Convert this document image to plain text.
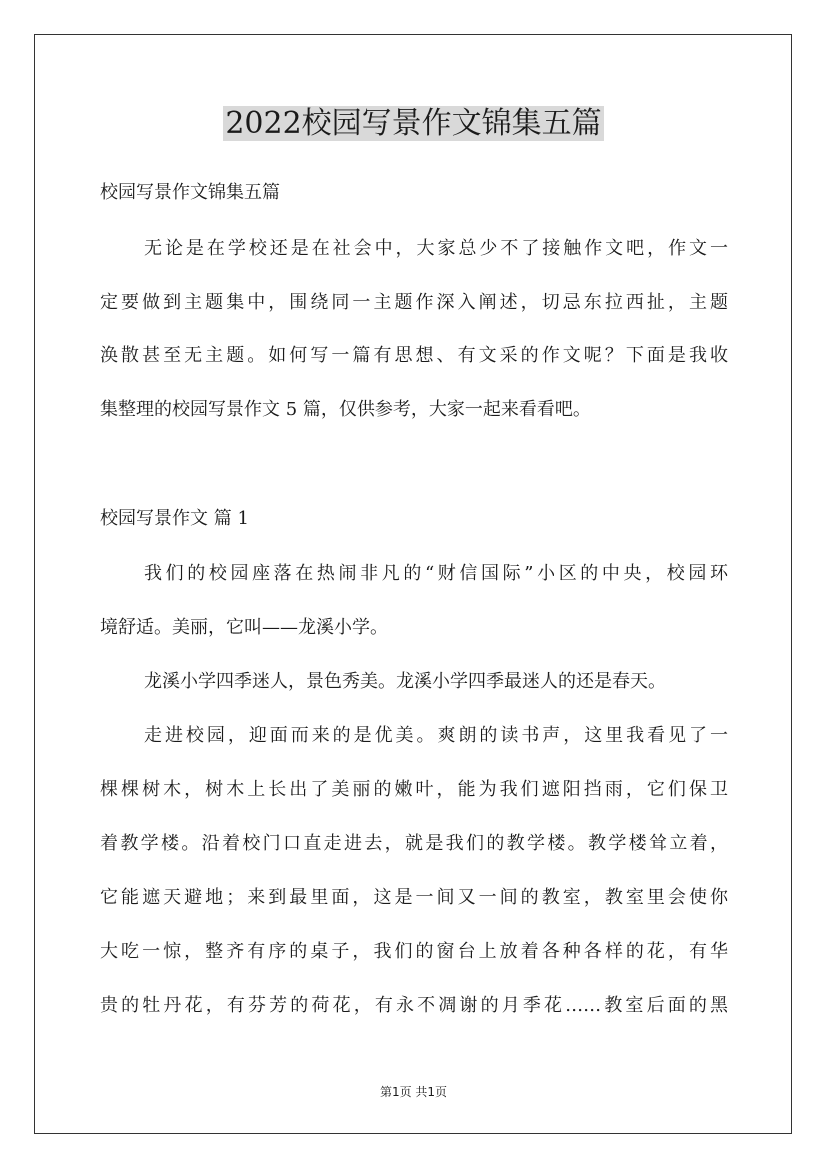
2022校园写景作文锦集五篇

校园写景作文锦集五篇

无论是在学校还是在社会中，大家总少不了接触作文吧，作文一

定要做到主题集中，围绕同一主题作深入阐述，切忌东拉西扯，主题

涣散甚至无主题。如何写一篇有思想、有文采的作文呢？下面是我收

集整理的校园写景作文 5 篇，仅供参考，大家一起来看看吧。

校园写景作文 篇 1

我们的校园座落在热闹非凡的“财信国际”小区的中央，校园环

境舒适。美丽，它叫——龙溪小学。

龙溪小学四季迷人，景色秀美。龙溪小学四季最迷人的还是春天。

走进校园，迎面而来的是优美。爽朗的读书声，这里我看见了一

棵棵树木，树木上长出了美丽的嫩叶，能为我们遮阳挡雨，它们保卫

着教学楼。沿着校门口直走进去，就是我们的教学楼。教学楼耸立着，

它能遮天避地；来到最里面，这是一间又一间的教室，教室里会使你

大吃一惊，整齐有序的桌子，我们的窗台上放着各种各样的花，有华

贵的牡丹花，有芬芳的荷花，有永不凋谢的月季花……教室后面的黑

第1页 共1页
